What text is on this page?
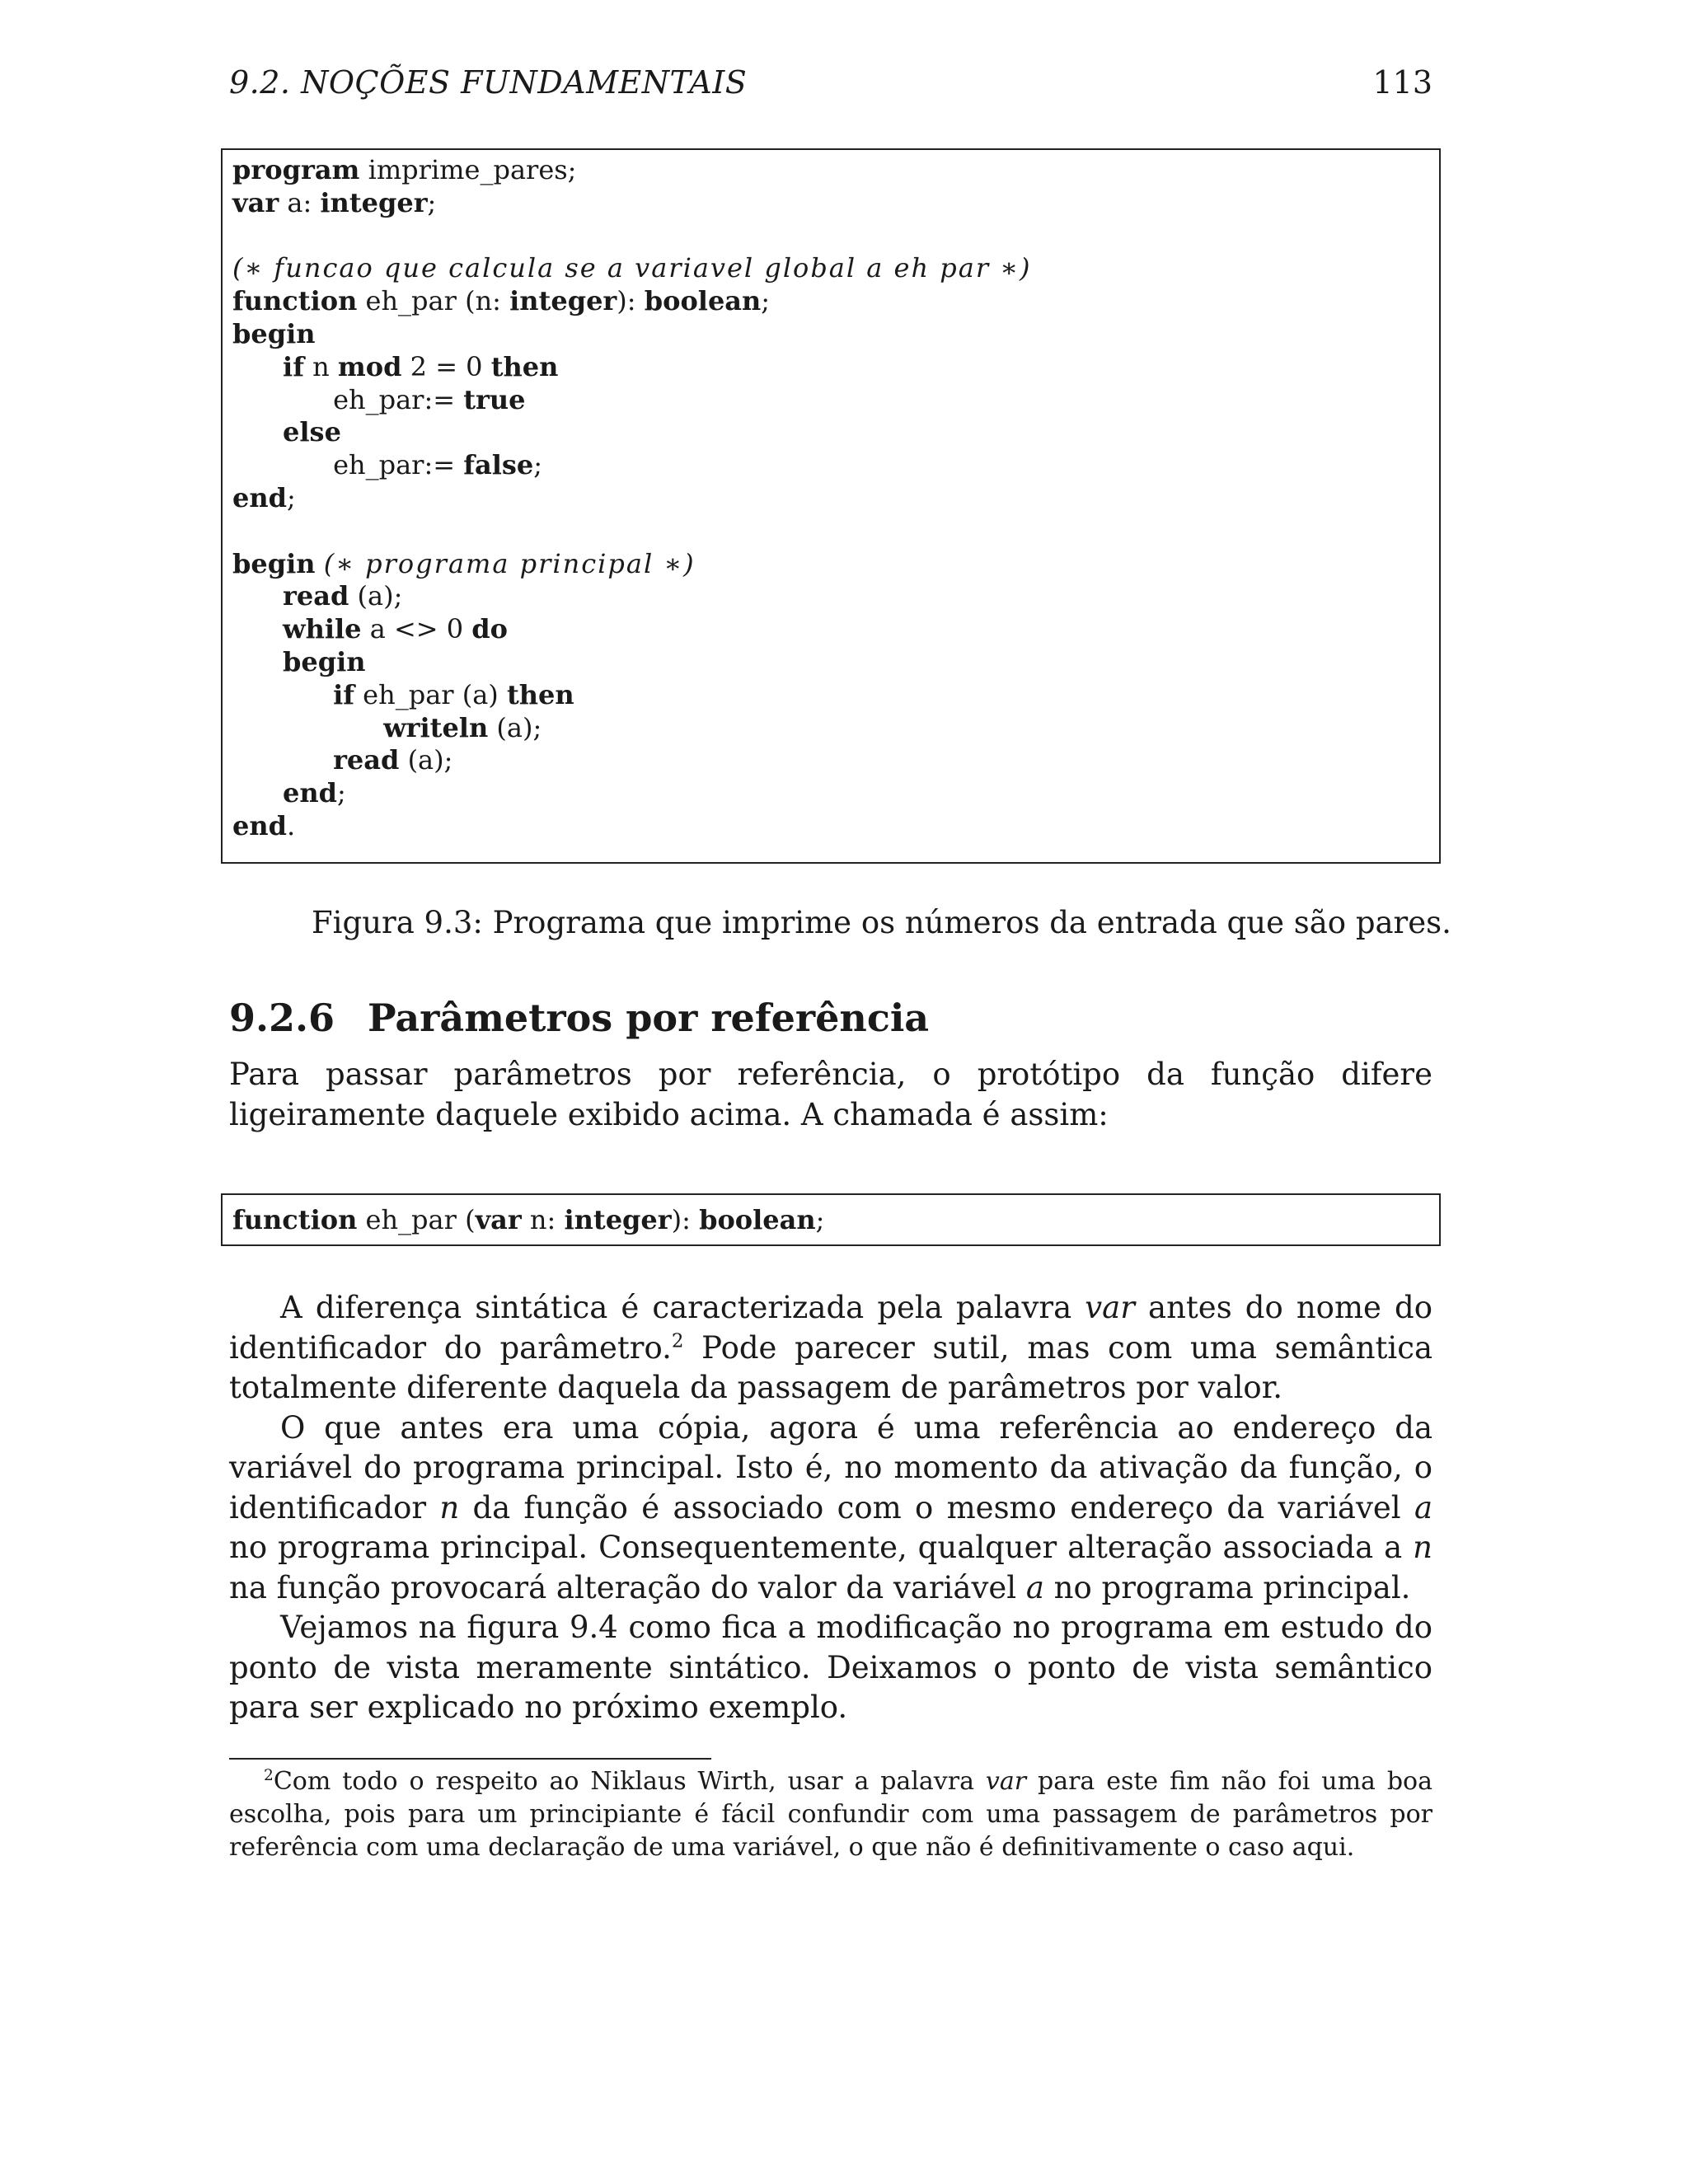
9.2. NOÇÕES FUNDAMENTAIS	113
program imprime_pares;
var a: integer;
(∗ funcao que calcula se a variavel global a eh par ∗)
function eh_par (n: integer): boolean;
begin
if n mod 2 = 0 then
eh_par:= true
else
eh_par:= false;
end;
begin (∗ programa principal ∗)
read (a);
while a <> 0 do
begin
if eh_par (a) then
writeln (a);
read (a);
end;
end.
Figura 9.3: Programa que imprime os números da entrada que são pares.
9.2.6 Parâmetros por referência

Para passar parâmetros por referência, o protótipo da função difere ligeiramente daquele exibido acima. A chamada é assim:

function eh_par (var n: integer): boolean;

A diferença sintática é caracterizada pela palavra var antes do nome do identificador do parâmetro.$^2$ Pode parecer sutil, mas com uma semântica totalmente diferente daquela da passagem de parâmetros por valor.

O que antes era uma cópia, agora é uma referência ao endereço da variável do programa principal. Isto é, no momento da ativação da função, o identificador n da função é associado com o mesmo endereço da variável a no programa principal. Consequentemente, qualquer alteração associada a n na função provocará alteração do valor da variável a no programa principal.

Vejamos na figura 9.4 como fica a modificação no programa em estudo do ponto de vista meramente sintático. Deixamos o ponto de vista semântico para ser explicado no próximo exemplo.

$^2$Com todo o respeito ao Niklaus Wirth, usar a palavra var para este fim não foi uma boa escolha, pois para um principiante é fácil confundir com uma passagem de parâmetros por referência com uma declaração de uma variável, o que não é definitivamente o caso aqui.
